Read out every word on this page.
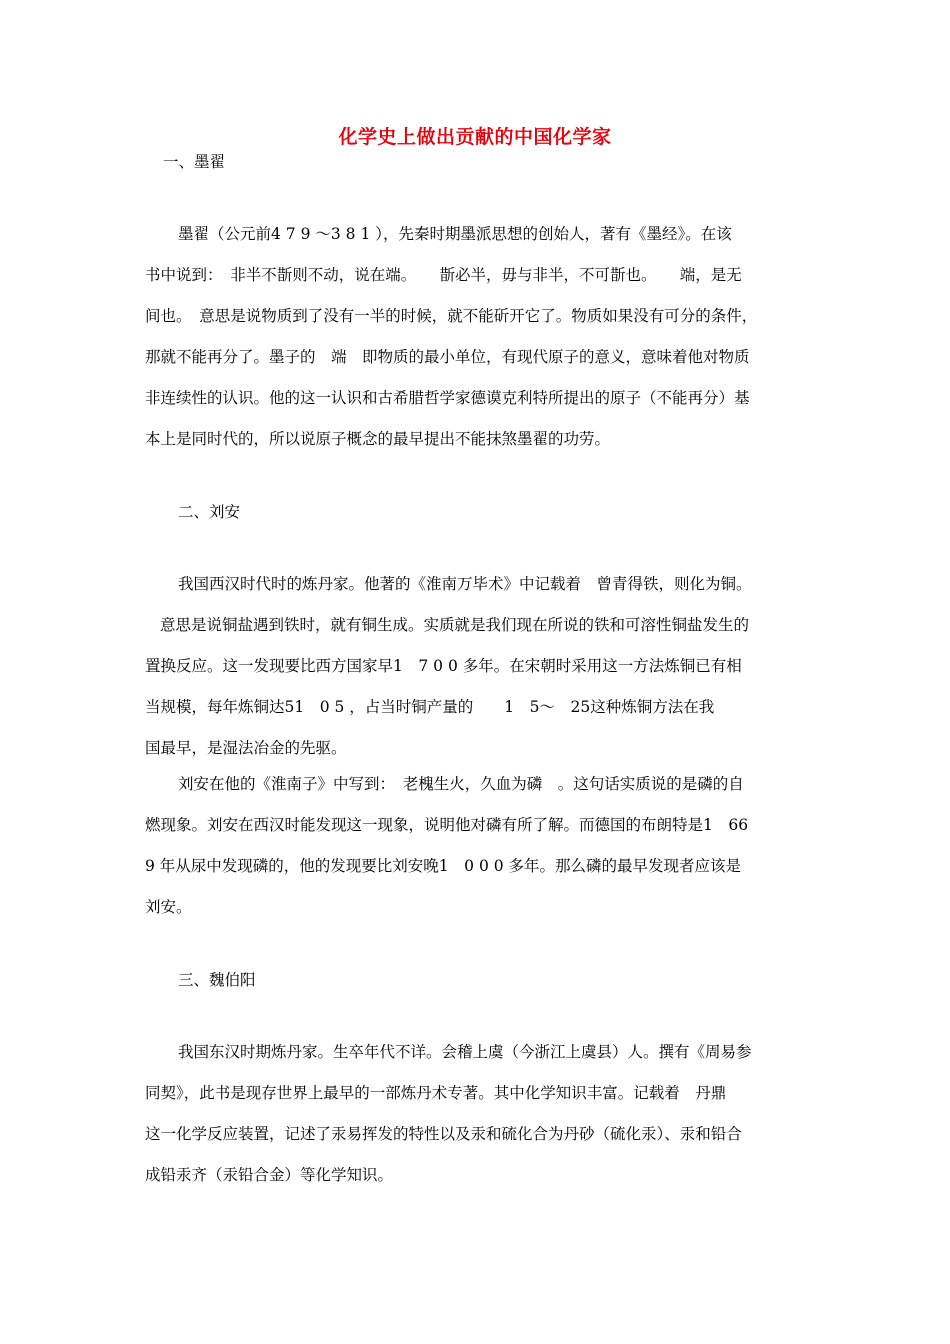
化学史上做出贡献的中国化学家
一、墨翟
墨翟（公元前4 7 9 ～3 8 1 ），先秦时期墨派思想的创始人，著有《墨经》。在该
书中说到：　非半不斮则不动，说在端。　　斮必半，毋与非半，不可斮也。　　端，是无
间也。　意思是说物质到了没有一半的时候，就不能斫开它了。物质如果没有可分的条件，
那就不能再分了。墨子的　端　即物质的最小单位，有现代原子的意义，意味着他对物质
非连续性的认识。他的这一认识和古希腊哲学家德谟克利特所提出的原子（不能再分）基
本上是同时代的，所以说原子概念的最早提出不能抹煞墨翟的功劳。
二、刘安
我国西汉时代时的炼丹家。他著的《淮南万毕术》中记载着　曾青得铁，则化为铜。
意思是说铜盐遇到铁时，就有铜生成。实质就是我们现在所说的铁和可溶性铜盐发生的
置换反应。这一发现要比西方国家早1　7 0 0 多年。在宋朝时采用这一方法炼铜已有相
当规模，每年炼铜达51　0 5 ，占当时铜产量的　　1　5～　25这种炼铜方法在我
国最早，是湿法冶金的先驱。
刘安在他的《淮南子》中写到：　老槐生火，久血为磷　。这句话实质说的是磷的自
燃现象。刘安在西汉时能发现这一现象，说明他对磷有所了解。而德国的布朗特是1　66
9 年从尿中发现磷的，他的发现要比刘安晚1　0 0 0 多年。那么磷的最早发现者应该是
刘安。
三、魏伯阳
我国东汉时期炼丹家。生卒年代不详。会稽上虞（今浙江上虞县）人。撰有《周易参
同契》，此书是现存世界上最早的一部炼丹术专著。其中化学知识丰富。记载着　丹鼎
这一化学反应装置，记述了汞易挥发的特性以及汞和硫化合为丹砂（硫化汞）、汞和铅合
成铅汞齐（汞铅合金）等化学知识。
